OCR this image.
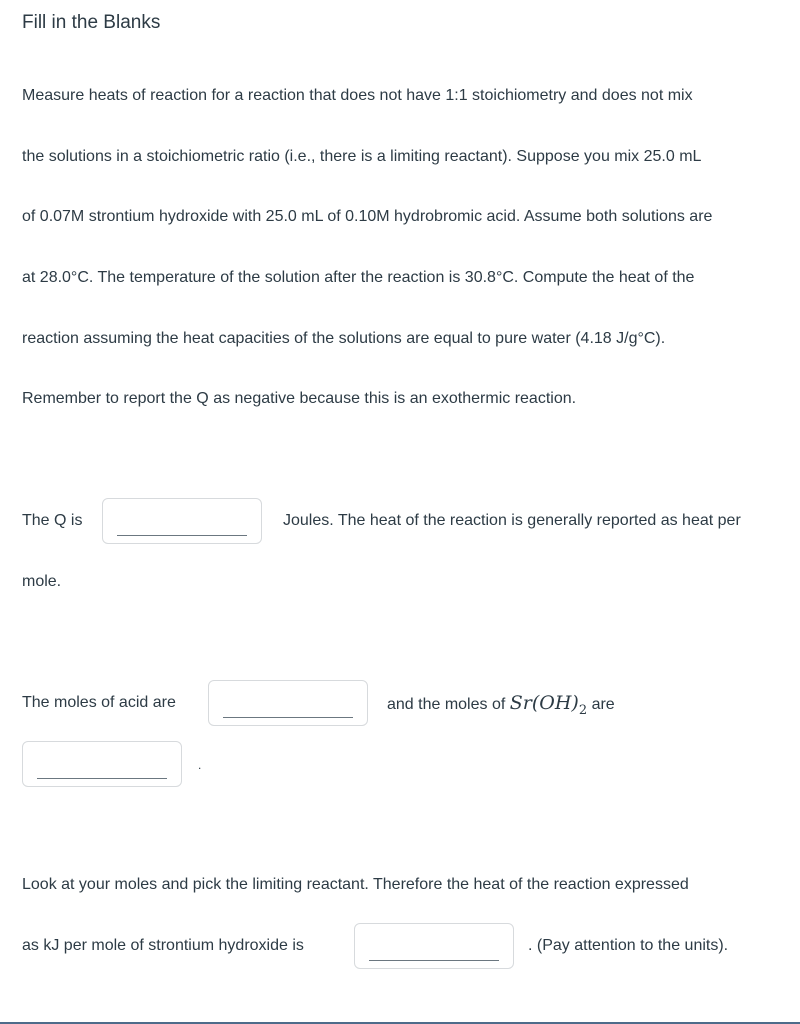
Fill in the Blanks
Measure heats of reaction for a reaction that does not have 1:1 stoichiometry and does not mix
the solutions in a stoichiometric ratio (i.e., there is a limiting reactant). Suppose you mix 25.0 mL
of 0.07M strontium hydroxide with 25.0 mL of 0.10M hydrobromic acid. Assume both solutions are
at 28.0°C. The temperature of the solution after the reaction is 30.8°C. Compute the heat of the
reaction assuming the heat capacities of the solutions are equal to pure water (4.18 J/g°C).
Remember to report the Q as negative because this is an exothermic reaction.
The Q is	Joules. The heat of the reaction is generally reported as heat per
mole.
The moles of acid are	and the moles of $Sr(OH)_2$ are
.
Look at your moles and pick the limiting reactant. Therefore the heat of the reaction expressed
as kJ per mole of strontium hydroxide is	. (Pay attention to the units).
